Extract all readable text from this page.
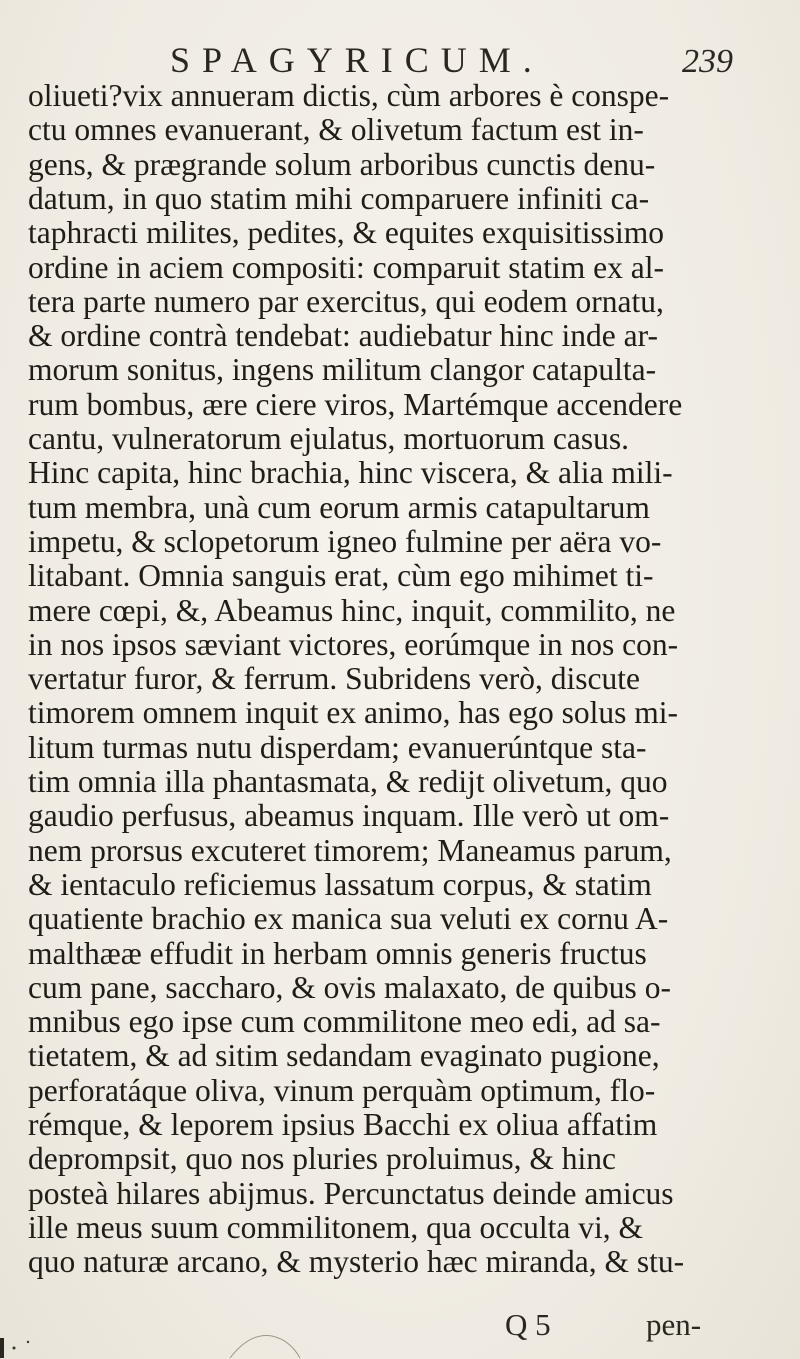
SPAGYRICUM.	239
oliueti?vix annueram dictis, cùm arbores è conspe-
ctu omnes evanuerant, & olivetum factum est in-
gens, & prægrande solum arboribus cunctis denu-
datum, in quo statim mihi comparuere infiniti ca-
taphracti milites, pedites, & equites exquisitissimo
ordine in aciem compositi: comparuit statim ex al-
tera parte numero par exercitus, qui eodem ornatu,
& ordine contrà tendebat: audiebatur hinc inde ar-
morum sonitus, ingens militum clangor catapulta-
rum bombus, ære ciere viros, Martémque accendere
cantu, vulneratorum ejulatus, mortuorum casus.
Hinc capita, hinc brachia, hinc viscera, & alia mili-
tum membra, unà cum eorum armis catapultarum
impetu, & sclopetorum igneo fulmine per aëra vo-
litabant. Omnia sanguis erat, cùm ego mihimet ti-
mere cœpi, &, Abeamus hinc, inquit, commilito, ne
in nos ipsos sæviant victores, eorúmque in nos con-
vertatur furor, & ferrum. Subridens verò, discute
timorem omnem inquit ex animo, has ego solus mi-
litum turmas nutu disperdam; evanuerúntque sta-
tim omnia illa phantasmata, & redijt olivetum, quo
gaudio perfusus, abeamus inquam. Ille verò ut om-
nem prorsus excuteret timorem; Maneamus parum,
& ientaculo reficiemus lassatum corpus, & statim
quatiente brachio ex manica sua veluti ex cornu A-
malthææ effudit in herbam omnis generis fructus
cum pane, saccharo, & ovis malaxato, de quibus o-
mnibus ego ipse cum commilitone meo edi, ad sa-
tietatem, & ad sitim sedandam evaginato pugione,
perforatáque oliva, vinum perquàm optimum, flo-
rémque, & leporem ipsius Bacchi ex oliua affatim
deprompsit, quo nos pluries proluimus, & hinc
posteà hilares abijmus. Percunctatus deinde amicus
ille meus suum commilitonem, qua occulta vi, &
quo naturæ arcano, & mysterio hæc miranda, & stu-
Q 5	pen-
